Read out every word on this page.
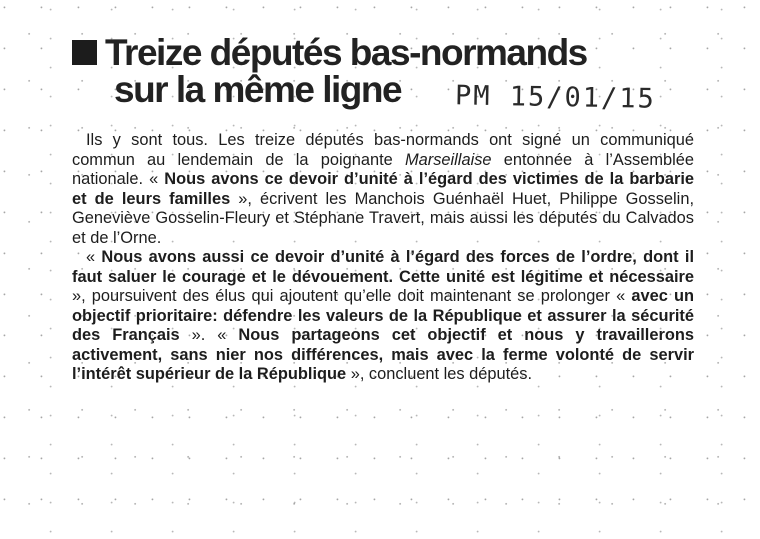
Treize députés bas-normands
sur la même ligne	PM 15/01/15

Ils y sont tous. Les treize députés bas-normands ont signé un communiqué commun au lendemain de la poignante Marseillaise entonnée à l’Assemblée nationale. « Nous avons ce devoir d’unité à l’égard des victimes de la barbarie et de leurs familles », écrivent les Manchois Guénhaël Huet, Philippe Gosselin, Geneviève Gosselin-Fleury et Stéphane Travert, mais aussi les députés du Calvados et de l’Orne.

« Nous avons aussi ce devoir d’unité à l’égard des forces de l’ordre, dont il faut saluer le courage et le dévouement. Cette unité est légitime et nécessaire », poursuivent des élus qui ajoutent qu’elle doit maintenant se prolonger « avec un objectif prioritaire: défendre les valeurs de la République et assurer la sécurité des Français ». « Nous partageons cet objectif et nous y travaillerons activement, sans nier nos différences, mais avec la ferme volonté de servir l’intérêt supérieur de la République », concluent les députés.
